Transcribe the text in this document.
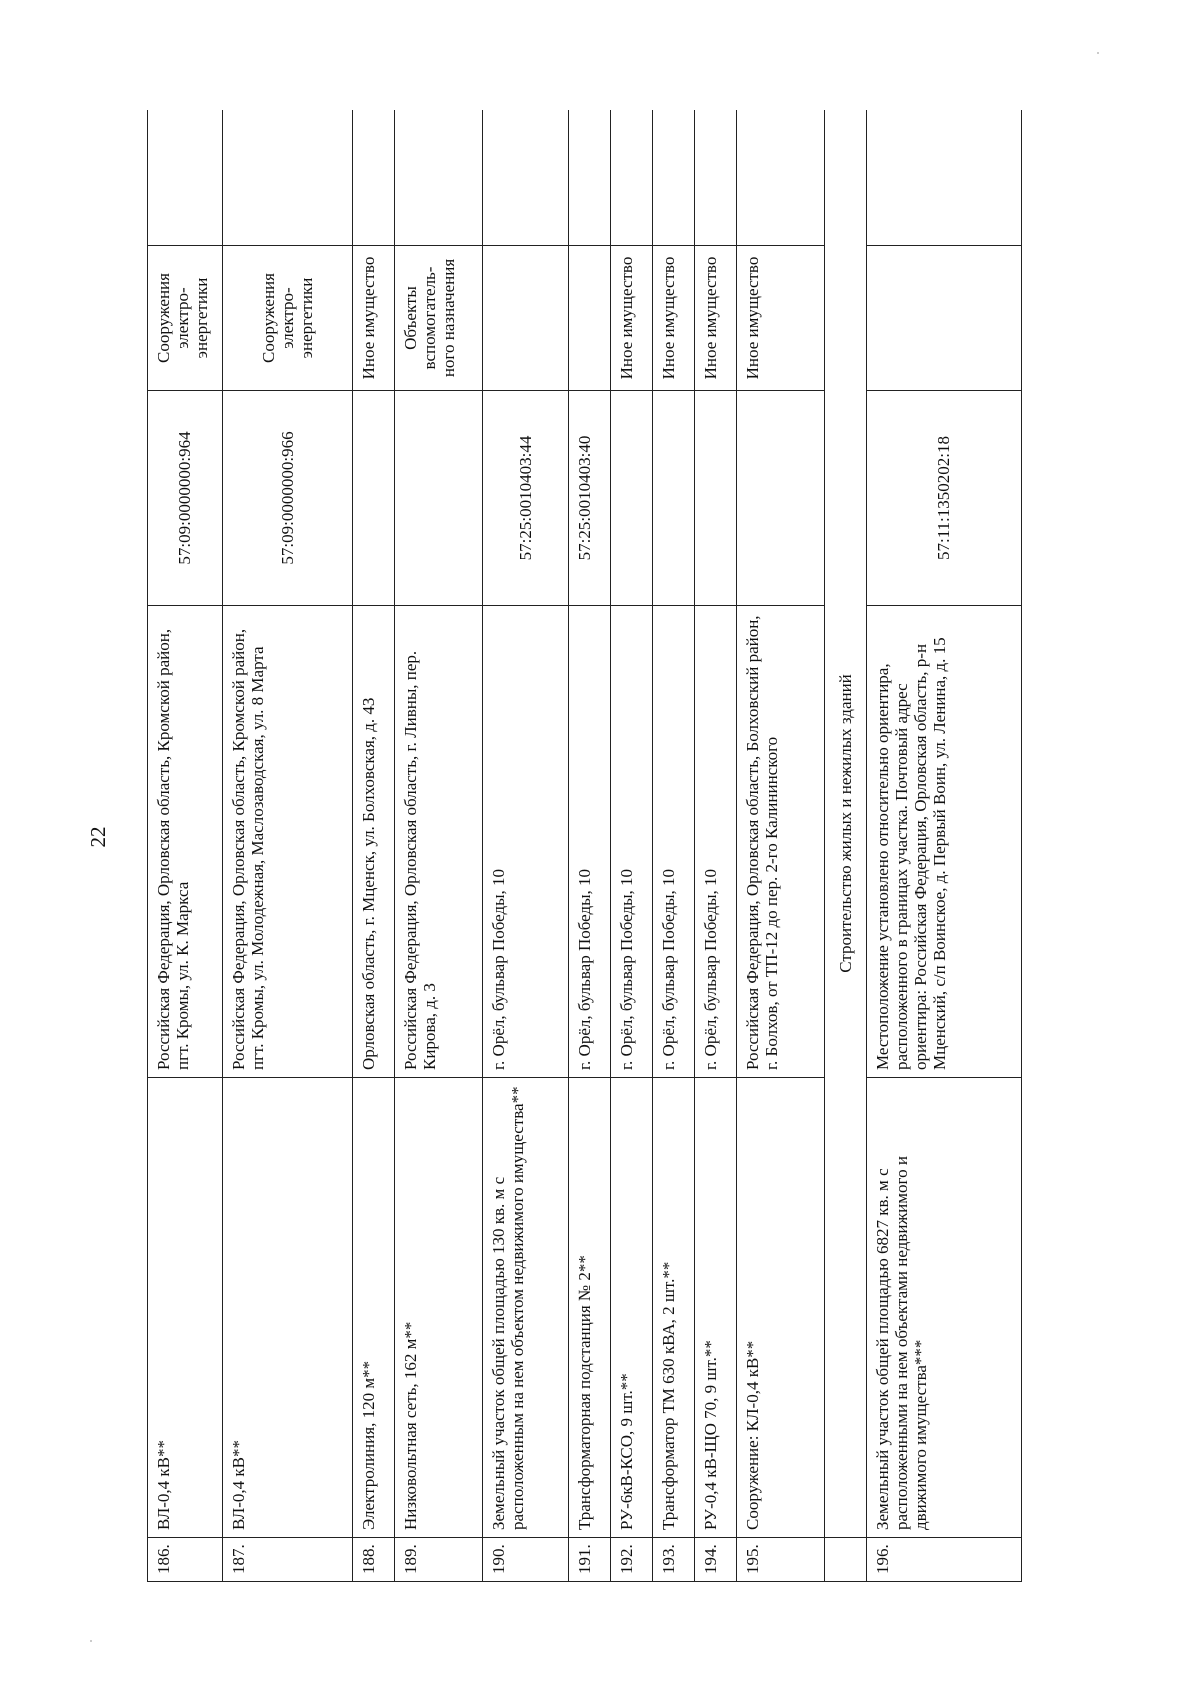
22
186.	ВЛ-0,4 кВ**	Российская Федерация, Орловская область, Кромской район, пгт. Кромы, ул. К. Маркса	57:09:0000000:964	Сооружения электро-энергетики	
187.	ВЛ-0,4 кВ**	Российская Федерация, Орловская область, Кромской район, пгт. Кромы, ул. Молодежная, Маслозаводская, ул. 8 Марта	57:09:0000000:966	Сооружения электро-энергетики	
188.	Электролиния, 120 м**	Орловская область, г. Мценск, ул. Болховская, д. 43		Иное имущество	
189.	Низковольтная сеть, 162 м**	Российская Федерация, Орловская область, г. Ливны, пер. Кирова, д. 3		Объекты вспомогатель-ного назначения	
190.	Земельный участок общей площадью 130 кв. м с расположенным на нем объектом недвижимого имущества**	г. Орёл, бульвар Победы, 10	57:25:0010403:44		
191.	Трансформаторная подстанция № 2**	г. Орёл, бульвар Победы, 10	57:25:0010403:40		
192.	РУ-6кВ-КСО, 9 шт.**	г. Орёл, бульвар Победы, 10		Иное имущество	
193.	Трансформатор ТМ 630 кВА, 2 шт.**	г. Орёл, бульвар Победы, 10		Иное имущество	
194.	РУ-0,4 кВ-ЩО 70, 9 шт.**	г. Орёл, бульвар Победы, 10		Иное имущество	
195.	Сооружение: КЛ-0,4 кВ**	Российская Федерация, Орловская область, Болховский район, г. Болхов, от ТП-12 до пер. 2-го Калининского		Иное имущество	
	Строительство жилых и нежилых зданий				
196.	Земельный участок общей площадью 6827 кв. м с расположенными на нем объектами недвижимого и движимого имущества***	Местоположение установлено относительно ориентира, расположенного в границах участка. Почтовый адрес ориентира: Российская Федерация, Орловская область, р-н Мценский, с/п Воинское, д. Первый Воин, ул. Ленина, д. 15	57:11:1350202:18		
